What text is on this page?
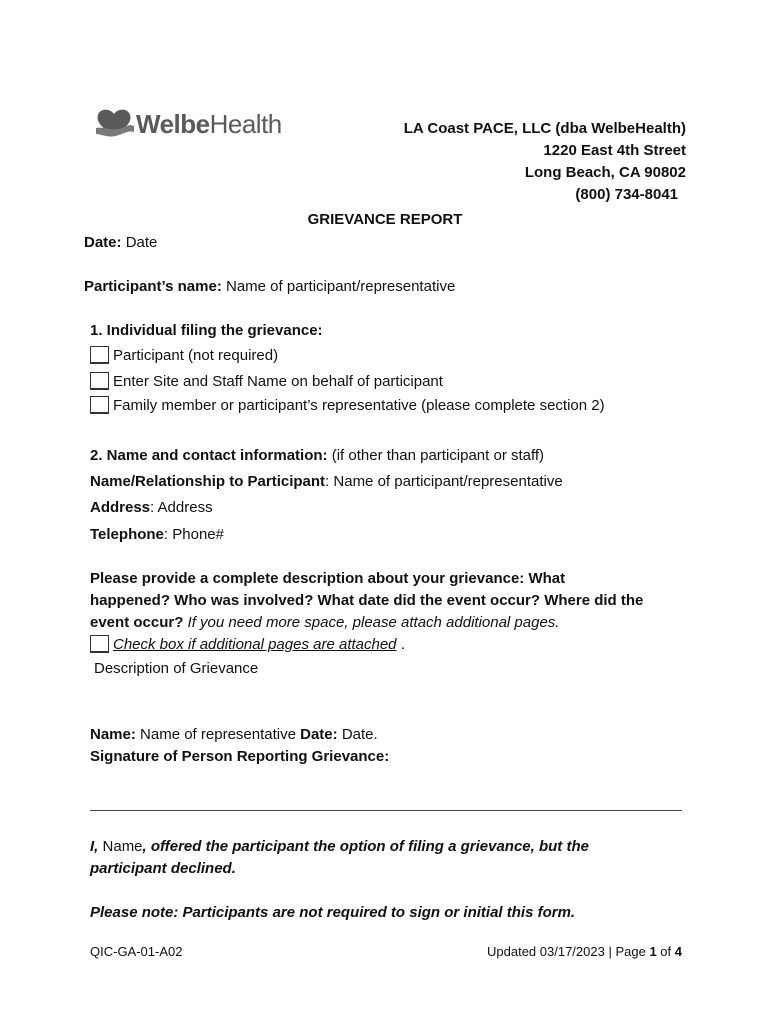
WelbeHealth	LA Coast PACE, LLC (dba WelbeHealth)
1220 East 4th Street
Long Beach, CA 90802
(800) 734-8041
GRIEVANCE REPORT
Date: Date
Participant’s name: Name of participant/representative
1. Individual filing the grievance:
Participant (not required)
Enter Site and Staff Name on behalf of participant
Family member or participant’s representative (please complete section 2)
2. Name and contact information: (if other than participant or staff)
Name/Relationship to Participant: Name of participant/representative
Address: Address
Telephone: Phone#
Please provide a complete description about your grievance: What
happened? Who was involved? What date did the event occur? Where did the
event occur? If you need more space, please attach additional pages.
Check box if additional pages are attached .
Description of Grievance
Name: Name of representative Date: Date.
Signature of Person Reporting Grievance:
I, Name, offered the participant the option of filing a grievance, but the
participant declined.
Please note: Participants are not required to sign or initial this form.
QIC-GA-01-A02	Updated 03/17/2023 | Page 1 of 4
